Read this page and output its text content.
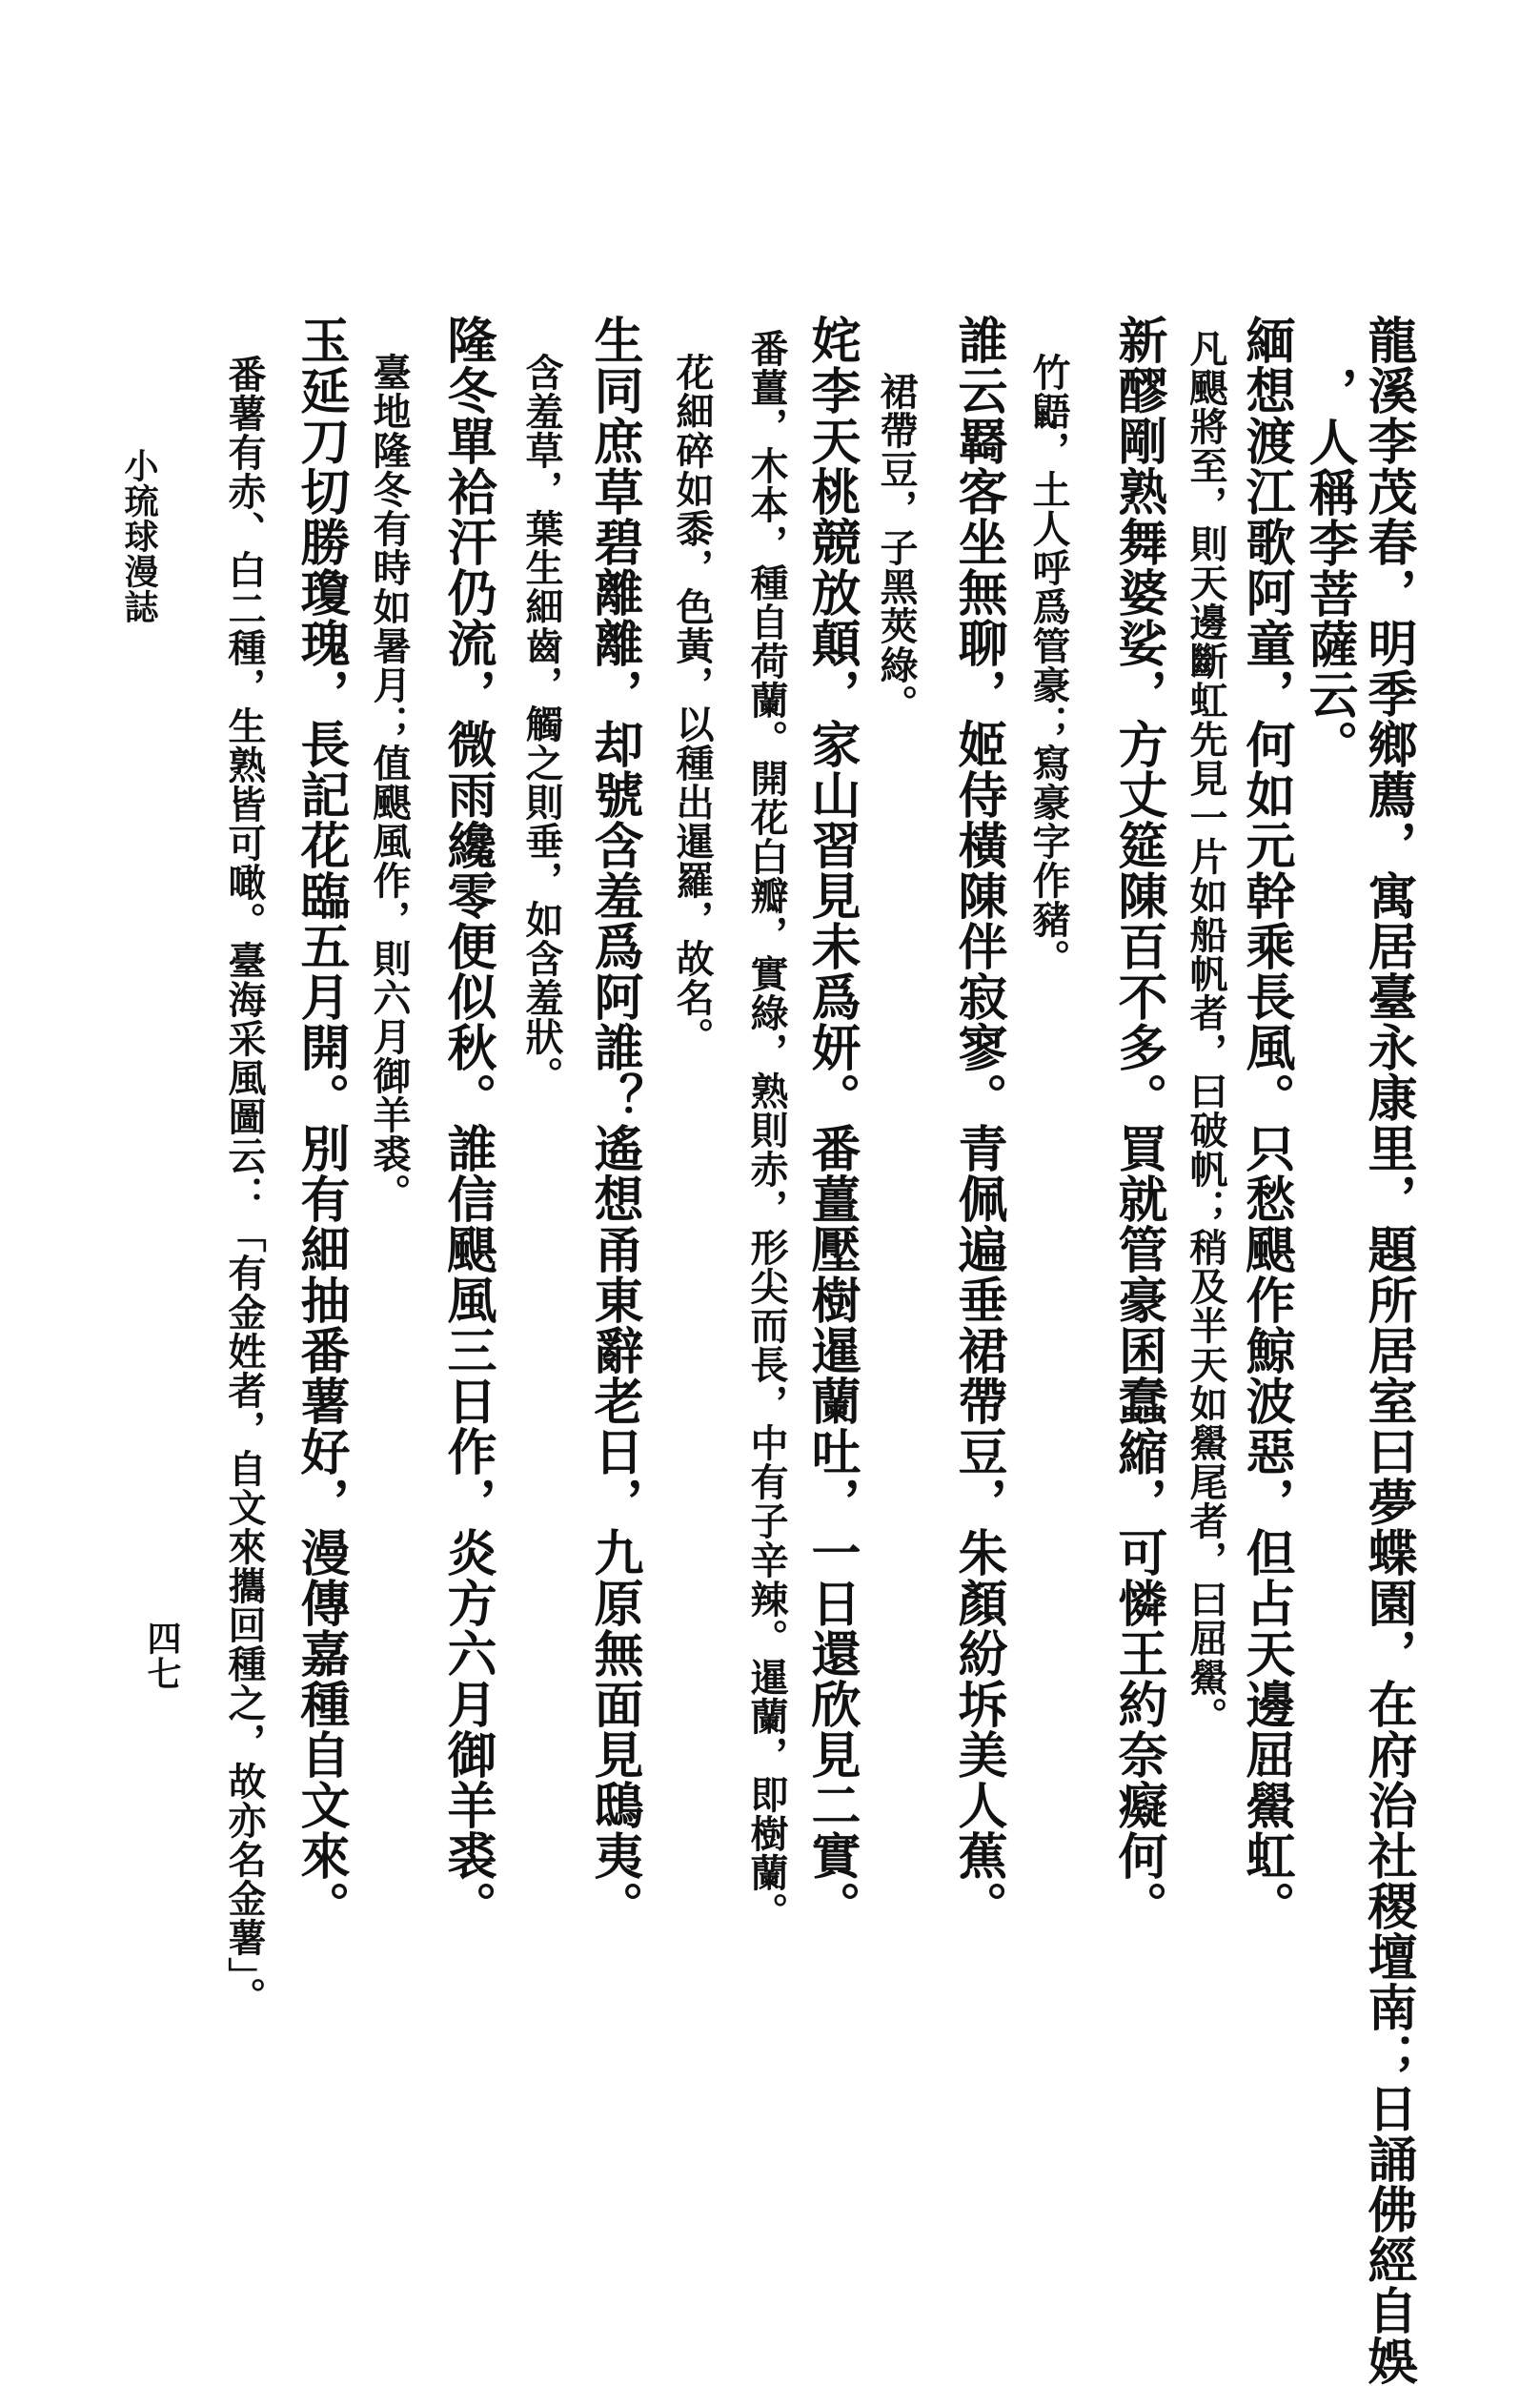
龍溪李茂春，明季鄉薦，寓居臺永康里，題所居室曰夢蝶園，在府治社稷壇南；日誦佛經自娛
，人稱李菩薩云。
緬想渡江歌阿童，何如元幹乘長風。只愁颶作鯨波惡，但占天邊屈鱟虹。
凡颶將至，則天邊斷虹先見一片如船帆者，曰破帆；稍及半天如鱟尾者，曰屈鱟。
新醪剛熟舞婆娑，方丈筵陳百不多。買就管豪囷蠢縮，可憐王約奈癡何。
竹鼯，土人呼爲管豪；寫豪字作豬。
誰云羇客坐無聊，姬侍橫陳伴寂寥。青佩遍垂裙帶豆，朱顏紛坼美人蕉。
裙帶豆，子黑莢綠。
姹李天桃競放顛，家山習見未爲妍。番薑壓樹暹蘭吐，一日還欣見二實。
番薑，木本，種自荷蘭。開花白瓣，實綠，熟則赤，形尖而長，中有子辛辣。暹蘭，即樹蘭。
花細碎如黍，色黃，以種出暹羅，故名。
生同庶草碧離離，却號含羞爲阿誰？遙想甬東辭老日，九原無面見鴟夷。
含羞草，葉生細齒，觸之則垂，如含羞狀。
隆冬單袷汗仍流，微雨纔零便似秋。誰信颶風三日作，炎方六月御羊裘。
臺地隆冬有時如暑月；值颶風作，則六月御羊裘。
玉延刀切勝瓊瑰，長記花臨五月開。別有細抽番薯好，漫傳嘉種自文來。
番薯有赤、白二種，生熟皆可噉。臺海采風圖云：「有金姓者，自文來攜回種之，故亦名金薯」。
小琉球漫誌
四七
